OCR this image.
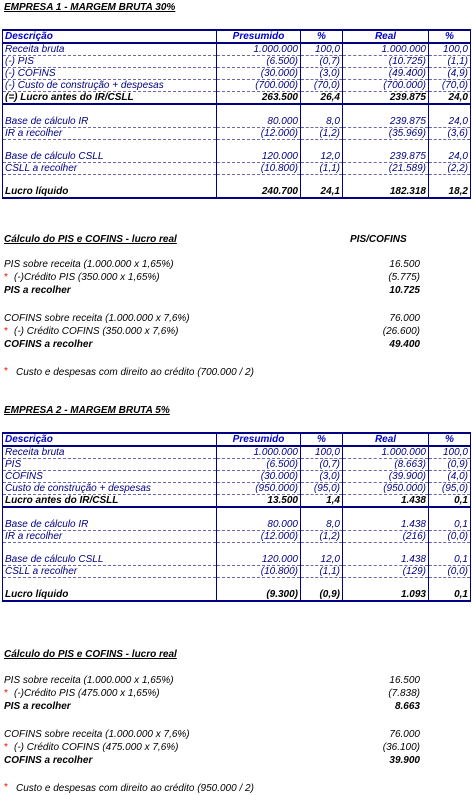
EMPRESA 1 - MARGEM BRUTA 30%
Descrição	Presumido	%	Real	%
Receita bruta	1.000.000	100,0	1.000.000	100,0
(-) PIS	(6.500)	(0,7)	(10.725)	(1,1)
(-) COFINS	(30.000)	(3,0)	(49.400)	(4,9)
(-) Custo de construção + despesas	(700.000)	(70,0)	(700.000)	(70,0)
(=) Lucro antes do IR/CSLL	263.500	26,4	239.875	24,0

Base de cálculo IR	80.000	8,0	239.875	24,0
IR a recolher	(12.000)	(1,2)	(35.969)	(3,6)

Base de cálculo CSLL	120.000	12,0	239.875	24,0
CSLL a recolher	(10.800)	(1,1)	(21.589)	(2,2)

Lucro líquido	240.700	24,1	182.318	18,2
Cálculo do PIS e COFINS - lucro real	PIS/COFINS
PIS sobre receita (1.000.000 x 1,65%)	16.500
* (-)Crédito PIS (350.000 x 1,65%)	(5.775)
PIS a recolher	10.725
COFINS sobre receita (1.000.000 x 7,6%)	76.000
* (-) Crédito COFINS (350.000 x 7,6%)	(26.600)
COFINS a recolher	49.400
* Custo e despesas com direito ao crédito (700.000 / 2)
EMPRESA 2 - MARGEM BRUTA 5%
Descrição	Presumido	%	Real	%
Receita bruta	1.000.000	100,0	1.000.000	100,0
PIS	(6.500)	(0,7)	(8.663)	(0,9)
COFINS	(30.000)	(3,0)	(39.900)	(4,0)
Custo de construção + despesas	(950.000)	(95,0)	(950.000)	(95,0)
Lucro antes do IR/CSLL	13.500	1,4	1.438	0,1

Base de cálculo IR	80.000	8,0	1.438	0,1
IR a recolher	(12.000)	(1,2)	(216)	(0,0)

Base de cálculo CSLL	120.000	12,0	1.438	0,1
CSLL a recolher	(10.800)	(1,1)	(129)	(0,0)

Lucro líquido	(9.300)	(0,9)	1.093	0,1
Cálculo do PIS e COFINS - lucro real
PIS sobre receita (1.000.000 x 1,65%)	16.500
* (-)Crédito PIS (475.000 x 1,65%)	(7.838)
PIS a recolher	8.663
COFINS sobre receita (1.000.000 x 7,6%)	76.000
* (-) Crédito COFINS (475.000 x 7,6%)	(36.100)
COFINS a recolher	39.900
* Custo e despesas com direito ao crédito (950.000 / 2)
